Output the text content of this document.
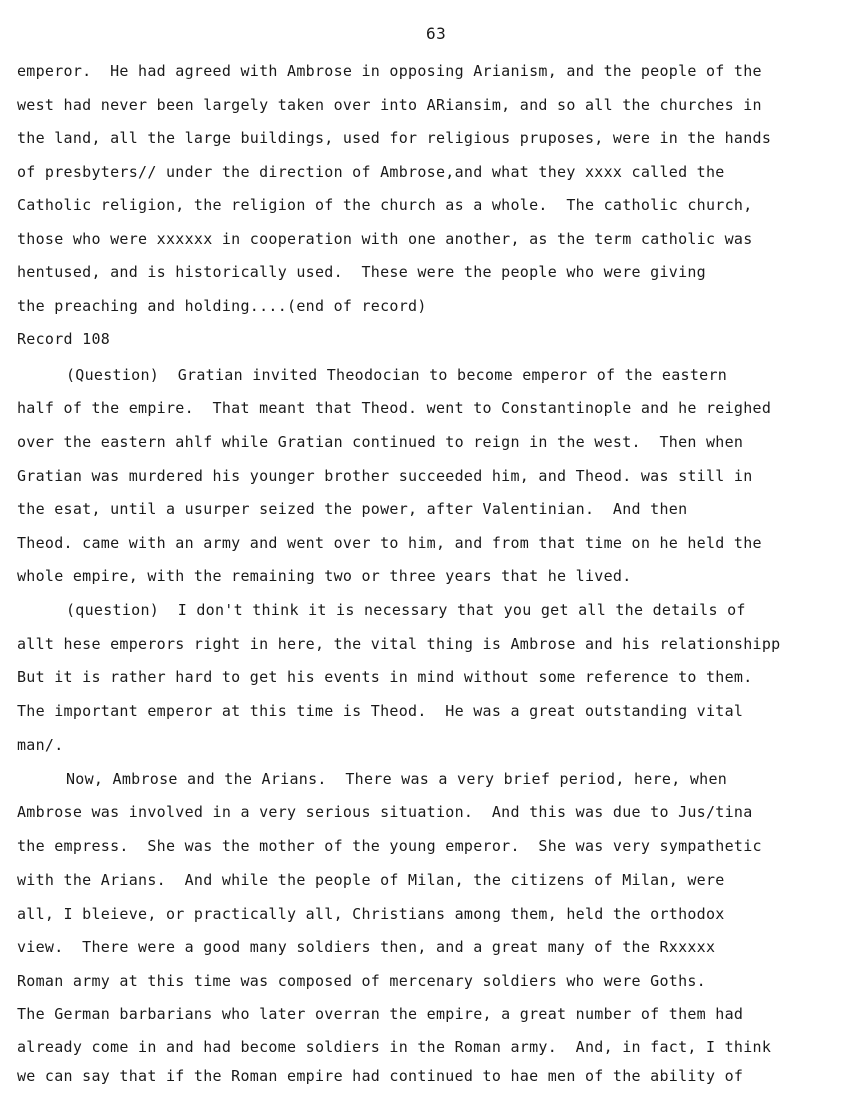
63
emperor.  He had agreed with Ambrose in opposing Arianism, and the people of the
west had never been largely taken over into ARiansim, and so all the churches in
the land, all the large buildings, used for religious pruposes, were in the hands
of presbyters// under the direction of Ambrose,and what they xxxx called the
Catholic religion, the religion of the church as a whole.  The catholic church,
those who were xxxxxx in cooperation with one another, as the term catholic was
hentused, and is historically used.  These were the people who were giving
the preaching and holding....(end of record)
Record 108
(Question)  Gratian invited Theodocian to become emperor of the eastern
half of the empire.  That meant that Theod. went to Constantinople and he reighed
over the eastern ahlf while Gratian continued to reign in the west.  Then when
Gratian was murdered his younger brother succeeded him, and Theod. was still in
the esat, until a usurper seized the power, after Valentinian.  And then
Theod. came with an army and went over to him, and from that time on he held the
whole empire, with the remaining two or three years that he lived.
(question)  I don't think it is necessary that you get all the details of
allt hese emperors right in here, the vital thing is Ambrose and his relationshipp
But it is rather hard to get his events in mind without some reference to them.
The important emperor at this time is Theod.  He was a great outstanding vital
man/.
Now, Ambrose and the Arians.  There was a very brief period, here, when
Ambrose was involved in a very serious situation.  And this was due to Jus/tina
the empress.  She was the mother of the young emperor.  She was very sympathetic
with the Arians.  And while the people of Milan, the citizens of Milan, were
all, I bleieve, or practically all, Christians among them, held the orthodox
view.  There were a good many soldiers then, and a great many of the Rxxxxx
Roman army at this time was composed of mercenary soldiers who were Goths.
The German barbarians who later overran the empire, a great number of them had
already come in and had become soldiers in the Roman army.  And, in fact, I think
we can say that if the Roman empire had continued to hae men of the ability of
